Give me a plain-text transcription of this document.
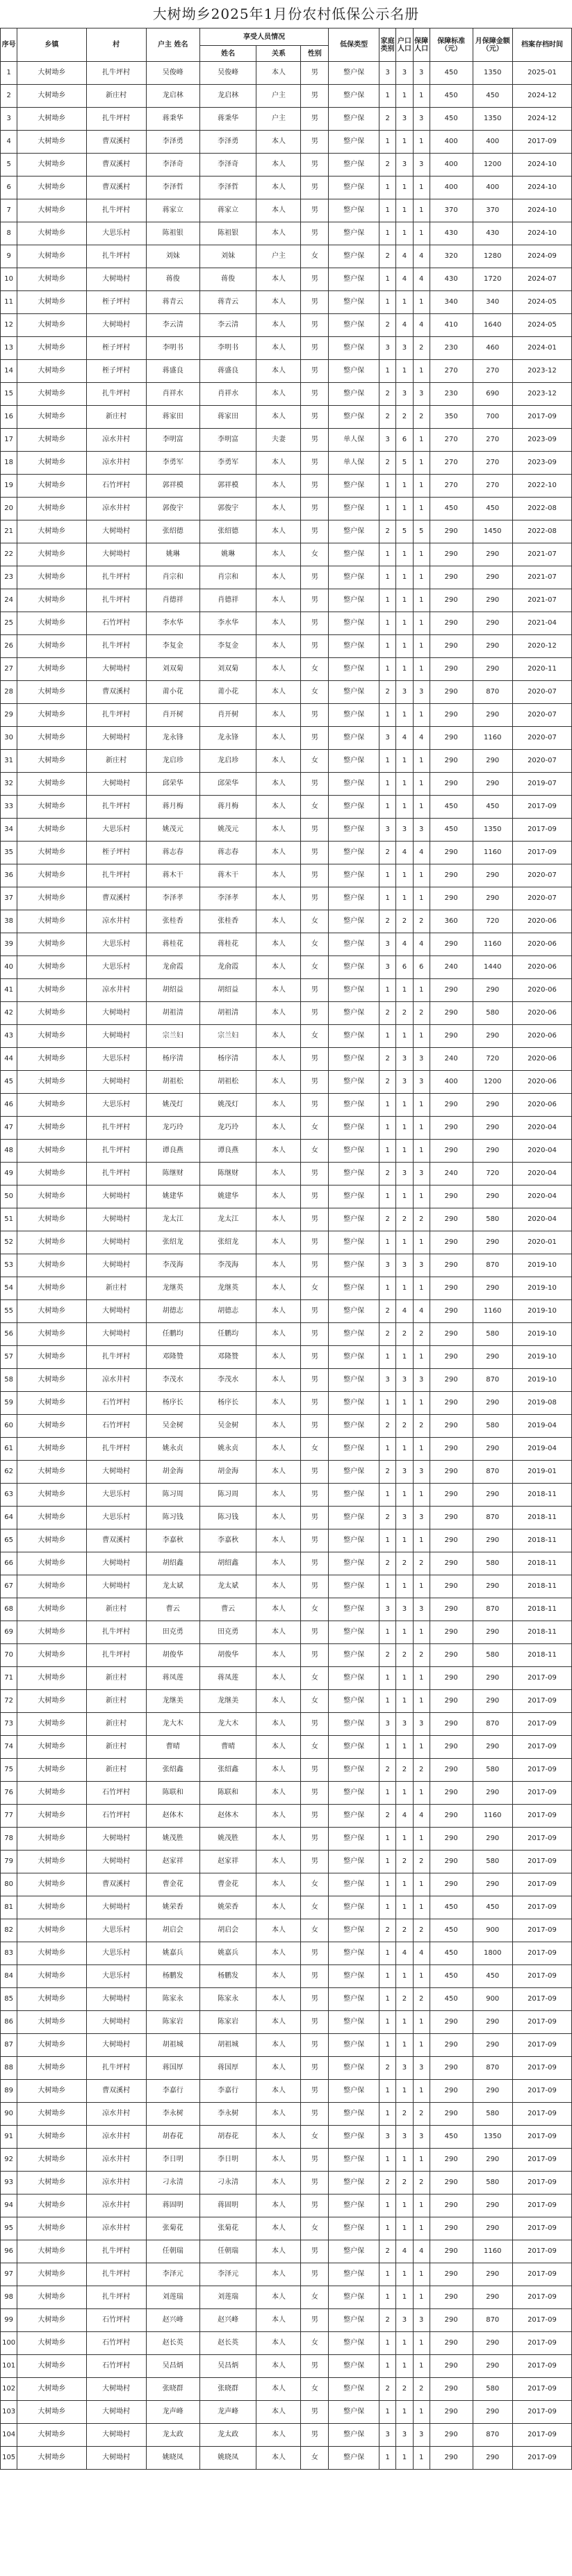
大树坳乡2025年1月份农村低保公示名册
序号	乡镇	村	户主 姓名	享受人员情况			低保类型	家庭类别	户口人口	保障人口	保障标准（元）	月保障金额（元）	档案存档时间
				姓名	关系	性别							
1	大树坳乡	扎牛坪村	吴俊峰	吴俊峰	本人	男	整户保	3	3	3	450	1350	2025-01
2	大树坳乡	新庄村	龙启林	龙启林	户主	男	整户保	1	1	1	450	450	2024-12
3	大树坳乡	扎牛坪村	蒋秉华	蒋秉华	户主	男	整户保	2	3	3	450	1350	2024-12
4	大树坳乡	曹双溪村	李泽勇	李泽勇	本人	男	整户保	1	1	1	400	400	2017-09
5	大树坳乡	曹双溪村	李泽奇	李泽奇	本人	男	整户保	2	3	3	400	1200	2024-10
6	大树坳乡	曹双溪村	李泽哲	李泽哲	本人	男	整户保	1	1	1	400	400	2024-10
7	大树坳乡	扎牛坪村	蒋家立	蒋家立	本人	男	整户保	1	1	1	370	370	2024-10
8	大树坳乡	大思乐村	陈祖银	陈祖银	本人	男	整户保	1	1	1	430	430	2024-10
9	大树坳乡	扎牛坪村	刘妹	刘妹	户主	女	整户保	2	4	4	320	1280	2024-09
10	大树坳乡	大树坳村	蒋俊	蒋俊	本人	男	整户保	1	4	4	430	1720	2024-07
11	大树坳乡	桎子坪村	蒋青云	蒋青云	本人	男	整户保	1	1	1	340	340	2024-05
12	大树坳乡	大树坳村	李云清	李云清	本人	男	整户保	2	4	4	410	1640	2024-05
13	大树坳乡	桎子坪村	李明书	李明书	本人	男	整户保	3	3	2	230	460	2024-01
14	大树坳乡	桎子坪村	蒋盛良	蒋盛良	本人	男	整户保	1	1	1	270	270	2023-12
15	大树坳乡	扎牛坪村	肖祥水	肖祥水	本人	男	整户保	2	3	3	230	690	2023-12
16	大树坳乡	新庄村	蒋家田	蒋家田	本人	男	整户保	2	2	2	350	700	2017-09
17	大树坳乡	凉水井村	李明富	李明富	夫妻	男	单人保	3	6	1	270	270	2023-09
18	大树坳乡	凉水井村	李勇军	李勇军	本人	男	单人保	2	5	1	270	270	2023-09
19	大树坳乡	石竹坪村	郭祥模	郭祥模	本人	男	整户保	1	1	1	270	270	2022-10
20	大树坳乡	凉水井村	郭俊宇	郭俊宇	本人	男	整户保	1	1	1	450	450	2022-08
21	大树坳乡	大树坳村	张绍德	张绍德	本人	男	整户保	2	5	5	290	1450	2022-08
22	大树坳乡	大树坳村	姚琳	姚琳	本人	女	整户保	1	1	1	290	290	2021-07
23	大树坳乡	扎牛坪村	肖宗和	肖宗和	本人	男	整户保	1	1	1	290	290	2021-07
24	大树坳乡	扎牛坪村	肖德祥	肖德祥	本人	男	整户保	1	1	1	290	290	2021-07
25	大树坳乡	石竹坪村	李水华	李水华	本人	男	整户保	1	1	1	290	290	2021-04
26	大树坳乡	扎牛坪村	李复金	李复金	本人	男	整户保	1	1	1	290	290	2020-12
27	大树坳乡	大树坳村	刘双菊	刘双菊	本人	女	整户保	1	1	1	290	290	2020-11
28	大树坳乡	曹双溪村	莆小花	莆小花	本人	女	整户保	2	3	3	290	870	2020-07
29	大树坳乡	扎牛坪村	肖开树	肖开树	本人	男	整户保	1	1	1	290	290	2020-07
30	大树坳乡	大树坳村	龙永锋	龙永锋	本人	男	整户保	3	4	4	290	1160	2020-07
31	大树坳乡	新庄村	龙启珍	龙启珍	本人	女	整户保	1	1	1	290	290	2020-07
32	大树坳乡	大树坳村	邱荣华	邱荣华	本人	男	整户保	1	1	1	290	290	2019-07
33	大树坳乡	扎牛坪村	蒋月梅	蒋月梅	本人	女	整户保	1	1	1	450	450	2017-09
34	大树坳乡	大思乐村	姚茂元	姚茂元	本人	男	整户保	3	3	3	450	1350	2017-09
35	大树坳乡	桎子坪村	蒋志春	蒋志春	本人	男	整户保	2	4	4	290	1160	2017-09
36	大树坳乡	扎牛坪村	蒋木干	蒋木干	本人	男	整户保	1	1	1	290	290	2020-07
37	大树坳乡	曹双溪村	李泽孝	李泽孝	本人	男	整户保	1	1	1	290	290	2020-07
38	大树坳乡	凉水井村	张桂香	张桂香	本人	女	整户保	2	2	2	360	720	2020-06
39	大树坳乡	大思乐村	蒋桂花	蒋桂花	本人	女	整户保	3	4	4	290	1160	2020-06
40	大树坳乡	大思乐村	龙俞霞	龙俞霞	本人	女	整户保	3	6	6	240	1440	2020-06
41	大树坳乡	凉水井村	胡绍益	胡绍益	本人	男	整户保	1	1	1	290	290	2020-06
42	大树坳乡	大树坳村	胡祖清	胡祖清	本人	男	整户保	2	2	2	290	580	2020-06
43	大树坳乡	大树坳村	宗兰妇	宗兰妇	本人	女	整户保	1	1	1	290	290	2020-06
44	大树坳乡	大思乐村	杨序清	杨序清	本人	男	整户保	2	3	3	240	720	2020-06
45	大树坳乡	大树坳村	胡祖松	胡祖松	本人	男	整户保	2	3	3	400	1200	2020-06
46	大树坳乡	大思乐村	姚茂灯	姚茂灯	本人	男	整户保	1	1	1	290	290	2020-06
47	大树坳乡	扎牛坪村	龙巧玲	龙巧玲	本人	女	整户保	1	1	1	290	290	2020-04
48	大树坳乡	扎牛坪村	谭良燕	谭良燕	本人	女	整户保	1	1	1	290	290	2020-04
49	大树坳乡	扎牛坪村	陈继财	陈继财	本人	男	整户保	2	3	3	240	720	2020-04
50	大树坳乡	大树坳村	姚建华	姚建华	本人	男	整户保	1	1	1	290	290	2020-04
51	大树坳乡	大树坳村	龙太江	龙太江	本人	男	整户保	2	2	2	290	580	2020-04
52	大树坳乡	大树坳村	张绍龙	张绍龙	本人	男	整户保	1	1	1	290	290	2020-01
53	大树坳乡	大树坳村	李茂海	李茂海	本人	男	整户保	3	3	3	290	870	2019-10
54	大树坳乡	新庄村	龙继英	龙继英	本人	女	整户保	1	1	1	290	290	2019-10
55	大树坳乡	大树坳村	胡德志	胡德志	本人	男	整户保	2	4	4	290	1160	2019-10
56	大树坳乡	大树坳村	任鹏均	任鹏均	本人	男	整户保	2	2	2	290	580	2019-10
57	大树坳乡	扎牛坪村	邓隆赞	邓隆赞	本人	男	整户保	1	1	1	290	290	2019-10
58	大树坳乡	凉水井村	李茂水	李茂水	本人	男	整户保	3	3	3	290	870	2019-10
59	大树坳乡	石竹坪村	杨序长	杨序长	本人	男	整户保	1	1	1	290	290	2019-08
60	大树坳乡	石竹坪村	吴金树	吴金树	本人	男	整户保	2	2	2	290	580	2019-04
61	大树坳乡	扎牛坪村	姚永贞	姚永贞	本人	女	整户保	1	1	1	290	290	2019-04
62	大树坳乡	大树坳村	胡金海	胡金海	本人	男	整户保	2	3	3	290	870	2019-01
63	大树坳乡	大思乐村	陈习周	陈习周	本人	男	整户保	1	1	1	290	290	2018-11
64	大树坳乡	大思乐村	陈习钱	陈习钱	本人	男	整户保	2	3	3	290	870	2018-11
65	大树坳乡	曹双溪村	李嘉秋	李嘉秋	本人	男	整户保	1	1	1	290	290	2018-11
66	大树坳乡	大树坳村	胡绍鑫	胡绍鑫	本人	男	整户保	2	2	2	290	580	2018-11
67	大树坳乡	大树坳村	龙太斌	龙太斌	本人	男	整户保	1	1	1	290	290	2018-11
68	大树坳乡	新庄村	曹云	曹云	本人	女	整户保	3	3	3	290	870	2018-11
69	大树坳乡	扎牛坪村	田克勇	田克勇	本人	男	整户保	1	1	1	290	290	2018-11
70	大树坳乡	扎牛坪村	胡俊华	胡俊华	本人	男	整户保	2	2	2	290	580	2018-11
71	大树坳乡	新庄村	蒋凤莲	蒋凤莲	本人	女	整户保	1	1	1	290	290	2017-09
72	大树坳乡	新庄村	龙继美	龙继美	本人	女	整户保	1	1	1	290	290	2017-09
73	大树坳乡	新庄村	龙大木	龙大木	本人	男	整户保	3	3	3	290	870	2017-09
74	大树坳乡	新庄村	曹晴	曹晴	本人	女	整户保	1	1	1	290	290	2017-09
75	大树坳乡	新庄村	张绍鑫	张绍鑫	本人	男	整户保	2	2	2	290	580	2017-09
76	大树坳乡	石竹坪村	陈联和	陈联和	本人	男	整户保	1	1	1	290	290	2017-09
77	大树坳乡	石竹坪村	赵体木	赵体木	本人	男	整户保	2	4	4	290	1160	2017-09
78	大树坳乡	大树坳村	姚茂胜	姚茂胜	本人	男	整户保	1	1	1	290	290	2017-09
79	大树坳乡	大树坳村	赵家祥	赵家祥	本人	男	整户保	1	2	2	290	580	2017-09
80	大树坳乡	曹双溪村	曹金花	曹金花	本人	女	整户保	1	1	1	290	290	2017-09
81	大树坳乡	大树坳村	姚荣香	姚荣香	本人	女	整户保	1	1	1	450	450	2017-09
82	大树坳乡	大思乐村	胡启会	胡启会	本人	女	整户保	2	2	2	450	900	2017-09
83	大树坳乡	大思乐村	姚嘉兵	姚嘉兵	本人	男	整户保	1	4	4	450	1800	2017-09
84	大树坳乡	大思乐村	杨鹏发	杨鹏发	本人	男	整户保	1	1	1	450	450	2017-09
85	大树坳乡	大树坳村	陈家永	陈家永	本人	男	整户保	1	2	2	450	900	2017-09
86	大树坳乡	大树坳村	陈家岩	陈家岩	本人	男	整户保	1	1	1	290	290	2017-09
87	大树坳乡	大树坳村	胡祖城	胡祖城	本人	男	整户保	1	1	1	290	290	2017-09
88	大树坳乡	扎牛坪村	蒋国厚	蒋国厚	本人	男	整户保	2	3	3	290	870	2017-09
89	大树坳乡	曹双溪村	李嘉行	李嘉行	本人	男	整户保	1	1	1	290	290	2017-09
90	大树坳乡	凉水井村	李永树	李永树	本人	男	整户保	1	2	2	290	580	2017-09
91	大树坳乡	凉水井村	胡春花	胡春花	本人	女	整户保	3	3	3	450	1350	2017-09
92	大树坳乡	凉水井村	李日明	李日明	本人	男	整户保	1	1	1	290	290	2017-09
93	大树坳乡	凉水井村	刁永清	刁永清	本人	男	整户保	2	2	2	290	580	2017-09
94	大树坳乡	凉水井村	蒋固明	蒋固明	本人	男	整户保	1	1	1	290	290	2017-09
95	大树坳乡	凉水井村	张菊花	张菊花	本人	女	整户保	1	1	1	290	290	2017-09
96	大树坳乡	扎牛坪村	任朝瑞	任朝瑞	本人	男	整户保	2	4	4	290	1160	2017-09
97	大树坳乡	扎牛坪村	李泽元	李泽元	本人	男	整户保	1	1	1	290	290	2017-09
98	大树坳乡	扎牛坪村	刘莲瑞	刘莲瑞	本人	女	整户保	1	1	1	290	290	2017-09
99	大树坳乡	石竹坪村	赵兴峰	赵兴峰	本人	男	整户保	2	3	3	290	870	2017-09
100	大树坳乡	石竹坪村	赵长英	赵长英	本人	女	整户保	1	1	1	290	290	2017-09
101	大树坳乡	石竹坪村	吴昌炳	吴昌炳	本人	男	整户保	1	1	1	290	290	2017-09
102	大树坳乡	大树坳村	张晓群	张晓群	本人	女	整户保	2	2	2	290	580	2017-09
103	大树坳乡	大树坳村	龙声峰	龙声峰	本人	男	整户保	1	1	1	290	290	2017-09
104	大树坳乡	大树坳村	龙太政	龙太政	本人	男	整户保	3	3	3	290	870	2017-09
105	大树坳乡	大树坳村	姚晓凤	姚晓凤	本人	女	整户保	1	1	1	290	290	2017-09
